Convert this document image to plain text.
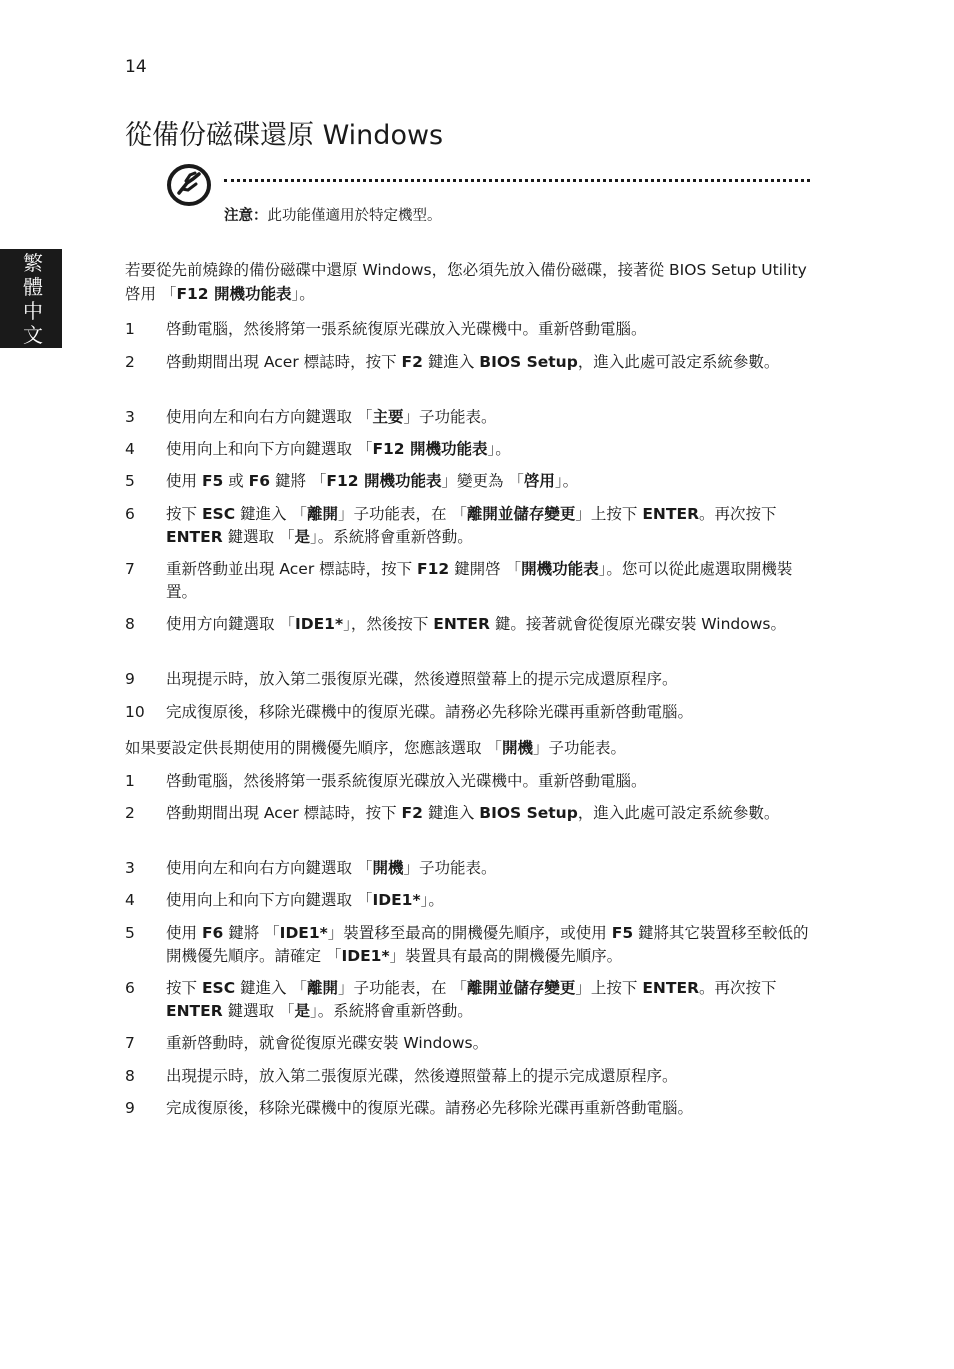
14
繁
體
中
文
從備份磁碟還原 Windows
注意：此功能僅適用於特定機型。

若要從先前燒錄的備份磁碟中還原 Windows，您必須先放入備份磁碟，接著從 BIOS Setup Utility 啓用 「F12 開機功能表」。

1	啓動電腦，然後將第一張系統復原光碟放入光碟機中。重新啓動電腦。
2	啓動期間出現 Acer 標誌時，按下 F2 鍵進入 BIOS Setup，進入此處可設定系統參數。
3	使用向左和向右方向鍵選取 「主要」子功能表。
4	使用向上和向下方向鍵選取 「F12 開機功能表」。
5	使用 F5 或 F6 鍵將 「F12 開機功能表」變更為 「啓用」。
6	按下 ESC 鍵進入 「離開」子功能表，在 「離開並儲存變更」上按下 ENTER。再次按下 ENTER 鍵選取 「是」。系統將會重新啓動。
7	重新啓動並出現 Acer 標誌時，按下 F12 鍵開啓 「開機功能表」。您可以從此處選取開機裝置。
8	使用方向鍵選取 「IDE1*」，然後按下 ENTER 鍵。接著就會從復原光碟安裝 Windows。
9	出現提示時，放入第二張復原光碟，然後遵照螢幕上的提示完成還原程序。
10	完成復原後，移除光碟機中的復原光碟。請務必先移除光碟再重新啓動電腦。

如果要設定供長期使用的開機優先順序，您應該選取 「開機」子功能表。

1	啓動電腦，然後將第一張系統復原光碟放入光碟機中。重新啓動電腦。
2	啓動期間出現 Acer 標誌時，按下 F2 鍵進入 BIOS Setup，進入此處可設定系統參數。
3	使用向左和向右方向鍵選取 「開機」子功能表。
4	使用向上和向下方向鍵選取 「IDE1*」。
5	使用 F6 鍵將 「IDE1*」裝置移至最高的開機優先順序，或使用 F5 鍵將其它裝置移至較低的開機優先順序。請確定 「IDE1*」裝置具有最高的開機優先順序。
6	按下 ESC 鍵進入 「離開」子功能表，在 「離開並儲存變更」上按下 ENTER。再次按下 ENTER 鍵選取 「是」。系統將會重新啓動。
7	重新啓動時，就會從復原光碟安裝 Windows。
8	出現提示時，放入第二張復原光碟，然後遵照螢幕上的提示完成還原程序。
9	完成復原後，移除光碟機中的復原光碟。請務必先移除光碟再重新啓動電腦。
